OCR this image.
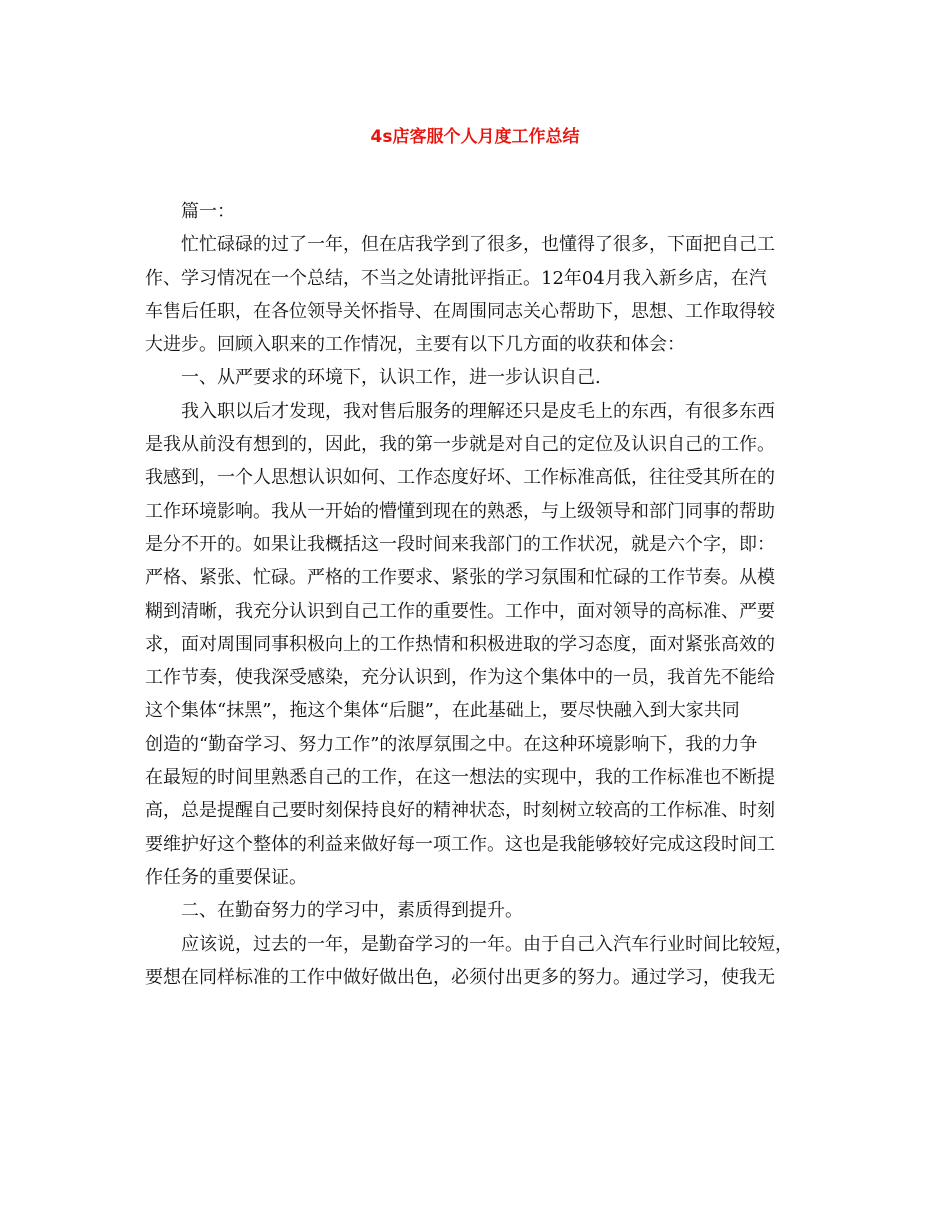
4s店客服个人月度工作总结
篇一：
忙忙碌碌的过了一年，但在店我学到了很多，也懂得了很多，下面把自己工
作、学习情况在一个总结，不当之处请批评指正。12年04月我入新乡店，在汽
车售后任职，在各位领导关怀指导、在周围同志关心帮助下，思想、工作取得较
大进步。回顾入职来的工作情况，主要有以下几方面的收获和体会：
一、从严要求的环境下，认识工作，进一步认识自己.
我入职以后才发现，我对售后服务的理解还只是皮毛上的东西，有很多东西
是我从前没有想到的，因此，我的第一步就是对自己的定位及认识自己的工作。
我感到，一个人思想认识如何、工作态度好坏、工作标准高低，往往受其所在的
工作环境影响。我从一开始的懵懂到现在的熟悉，与上级领导和部门同事的帮助
是分不开的。如果让我概括这一段时间来我部门的工作状况，就是六个字，即：
严格、紧张、忙碌。严格的工作要求、紧张的学习氛围和忙碌的工作节奏。从模
糊到清晰，我充分认识到自己工作的重要性。工作中，面对领导的高标准、严要
求，面对周围同事积极向上的工作热情和积极进取的学习态度，面对紧张高效的
工作节奏，使我深受感染，充分认识到，作为这个集体中的一员，我首先不能给
这个集体“抹黑”，拖这个集体“后腿”，在此基础上，要尽快融入到大家共同
创造的“勤奋学习、努力工作”的浓厚氛围之中。在这种环境影响下，我的力争
在最短的时间里熟悉自己的工作，在这一想法的实现中，我的工作标准也不断提
高，总是提醒自己要时刻保持良好的精神状态，时刻树立较高的工作标准、时刻
要维护好这个整体的利益来做好每一项工作。这也是我能够较好完成这段时间工
作任务的重要保证。
二、在勤奋努力的学习中，素质得到提升。
应该说，过去的一年，是勤奋学习的一年。由于自己入汽车行业时间比较短，
要想在同样标准的工作中做好做出色，必须付出更多的努力。通过学习，使我无
